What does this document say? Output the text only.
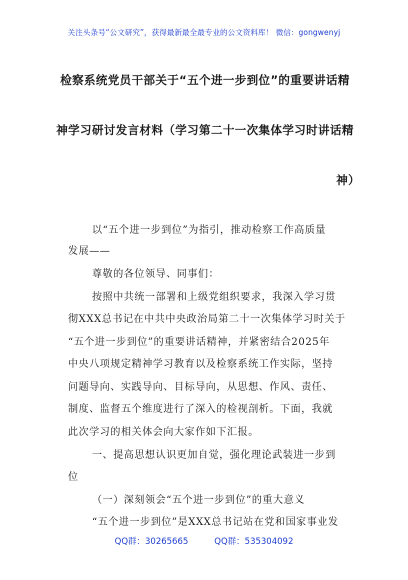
关注头条号“公文研究”，获得最新最全最专业的公文资料库！ 微信：gongwenyj
检察系统党员干部关于“五个进一步到位”的重要讲话精
神学习研讨发言材料（学习第二十一次集体学习时讲话精
神）
以“五个进一步到位”为指引，推动检察工作高质量
发展——
尊敬的各位领导、同事们：
按照中共统一部署和上级党组织要求，我深入学习贯
彻XXX总书记在中共中央政治局第二十一次集体学习时关于
“五个进一步到位”的重要讲话精神，并紧密结合2025年
中央八项规定精神学习教育以及检察系统工作实际，坚持
问题导向、实践导向、目标导向，从思想、作风、责任、
制度、监督五个维度进行了深入的检视剖析。下面，我就
此次学习的相关体会向大家作如下汇报。
一、提高思想认识更加自觉，强化理论武装进一步到
位
（一）深刻领会“五个进一步到位”的重大意义
“五个进一步到位”是XXX总书记站在党和国家事业发
QQ群：30265665	QQ群：535304092
